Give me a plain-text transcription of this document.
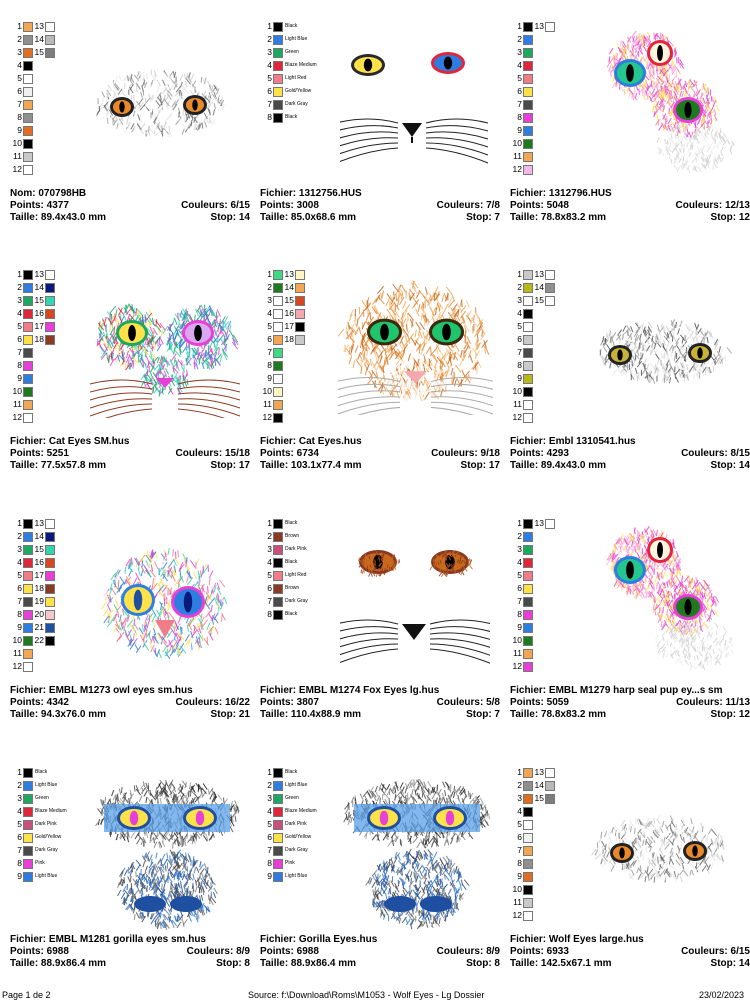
1 13
2 14
3 15
4
5
6
7
8
9
10
11
12
Nom: 070798HB
Points: 4377	Couleurs: 6/15
Taille: 89.4x43.0 mm	Stop: 14
1	Black
2	Light Blue
3	Green
4	Blaze Medium
5	Light Red
6	Gold/Yellow
7	Dark Gray
8	Black
Fichier: 1312756.HUS
Points: 3008	Couleurs: 7/8
Taille: 85.0x68.6 mm	Stop: 7
1 13
2
3
4
5
6
7
8
9
10
11
12
Fichier: 1312796.HUS
Points: 5048	Couleurs: 12/13
Taille: 78.8x83.2 mm	Stop: 12
1 13
2 14
3 15
4 16
5 17
6 18
7
8
9
10
11
12
Fichier: Cat Eyes SM.hus
Points: 5251	Couleurs: 15/18
Taille: 77.5x57.8 mm	Stop: 17
1 13
2 14
3 15
4 16
5 17
6 18
7
8
9
10
11
12
Fichier: Cat Eyes.hus
Points: 6734	Couleurs: 9/18
Taille: 103.1x77.4 mm	Stop: 17
1 13
2 14
3 15
4
5
6
7
8
9
10
11
12
Fichier: Embl 1310541.hus
Points: 4293	Couleurs: 8/15
Taille: 89.4x43.0 mm	Stop: 14
1 13
2 14
3 15
4 16
5 17
6 18
7 19
8 20
9 21
10 22
11
12
Fichier: EMBL M1273 owl eyes sm.hus
Points: 4342	Couleurs: 16/22
Taille: 94.3x76.0 mm	Stop: 21
1	Black
2	Brown
3	Dark Pink
4	Black
5	Light Red
6	Brown
7	Dark Gray
8	Black
Fichier: EMBL M1274 Fox Eyes lg.hus
Points: 3807	Couleurs: 5/8
Taille: 110.4x88.9 mm	Stop: 7
1 13
2
3
4
5
6
7
8
9
10
11
12
Fichier: EMBL M1279 harp seal pup ey...s sm
Points: 5059	Couleurs: 11/13
Taille: 78.8x83.2 mm	Stop: 12
1	Black
2	Light Blue
3	Green
4	Blaze Medium
5	Dark Pink
6	Gold/Yellow
7	Dark Gray
8	Pink
9	Light Blue
Fichier: EMBL M1281 gorilla eyes sm.hus
Points: 6988	Couleurs: 8/9
Taille: 88.9x86.4 mm	Stop: 8
1	Black
2	Light Blue
3	Green
4	Blaze Medium
5	Dark Pink
6	Gold/Yellow
7	Dark Gray
8	Pink
9	Light Blue
Fichier: Gorilla Eyes.hus
Points: 6988	Couleurs: 8/9
Taille: 88.9x86.4 mm	Stop: 8
1 13
2 14
3 15
4
5
6
7
8
9
10
11
12
Fichier: Wolf Eyes large.hus
Points: 6933	Couleurs: 6/15
Taille: 142.5x67.1 mm	Stop: 14
Page 1 de 2	Source: f:\Download\Roms\M1053 - Wolf Eyes - Lg Dossier	23/02/2023
